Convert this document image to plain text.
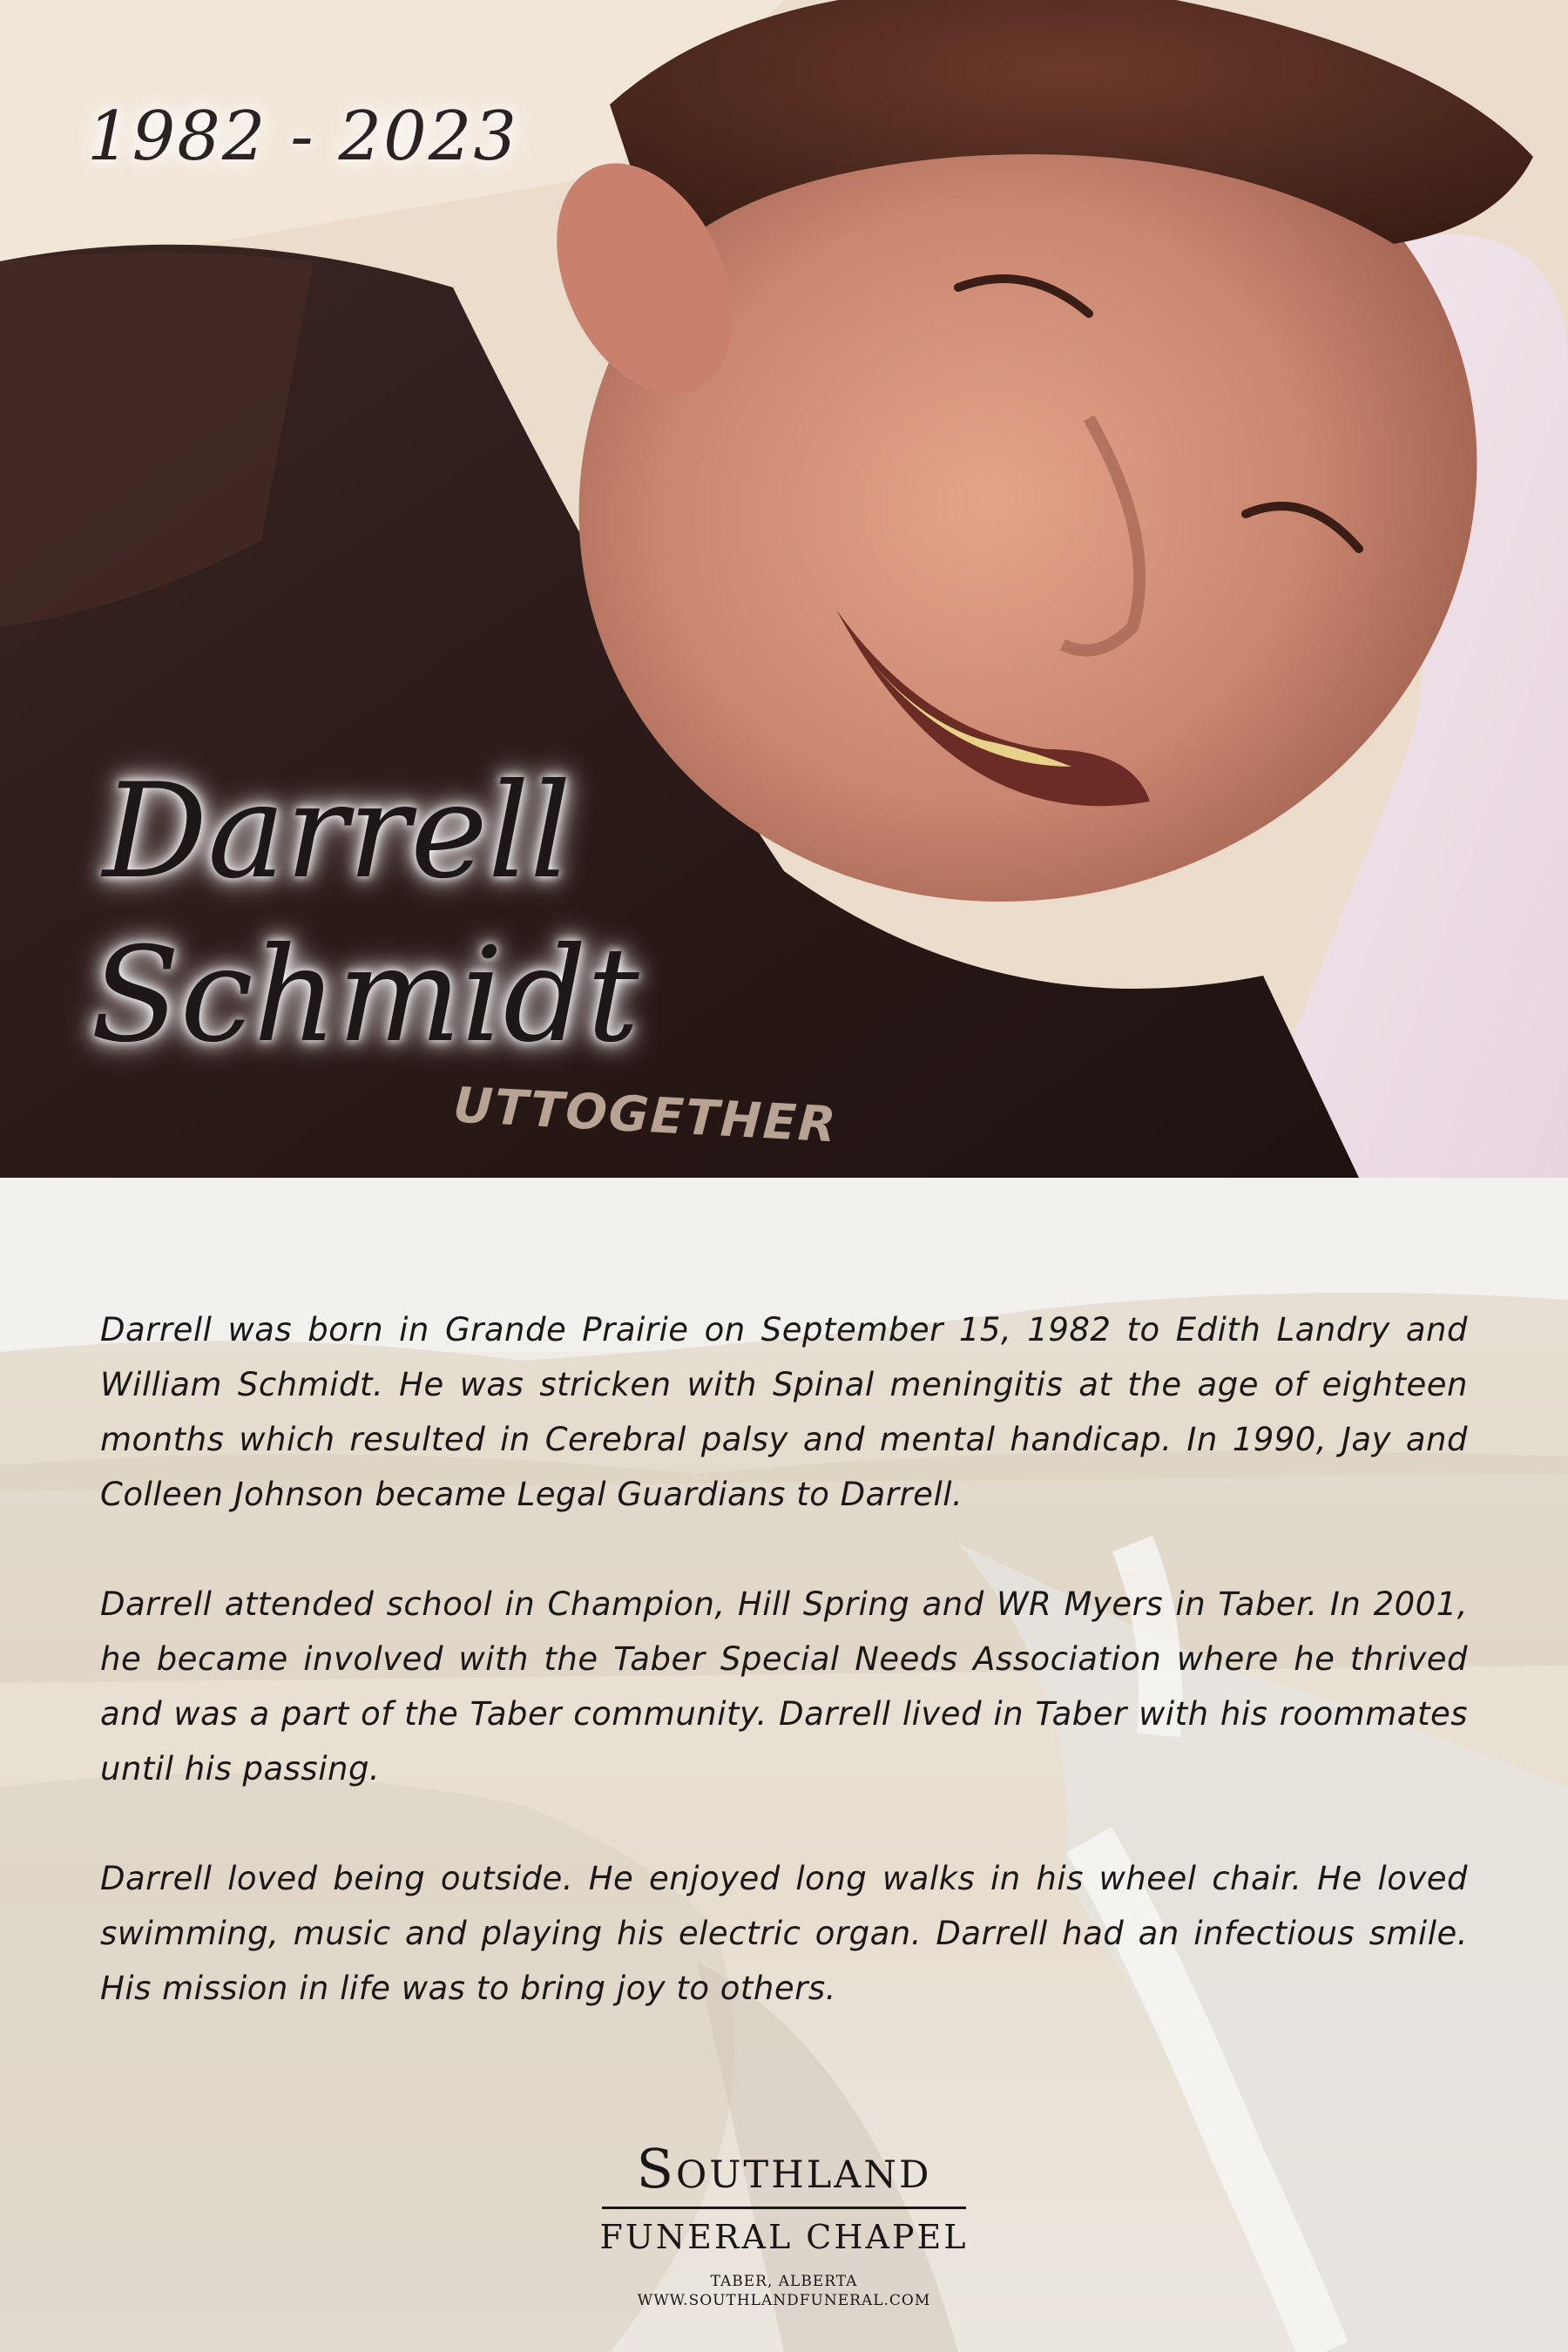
1982 - 2023
Darrell
Schmidt
UTTOGETHER

Darrell was born in Grande Prairie on September 15, 1982 to Edith Landry and William Schmidt. He was stricken with Spinal meningitis at the age of eighteen months which resulted in Cerebral palsy and mental handicap. In 1990, Jay and Colleen Johnson became Legal Guardians to Darrell.

Darrell attended school in Champion, Hill Spring and WR Myers in Taber. In 2001, he became involved with the Taber Special Needs Association where he thrived and was a part of the Taber community. Darrell lived in Taber with his roommates until his passing.

Darrell loved being outside. He enjoyed long walks in his wheel chair. He loved swimming, music and playing his electric organ. Darrell had an infectious smile. His mission in life was to bring joy to others.

Southland
FUNERAL CHAPEL
TABER, ALBERTA
WWW.SOUTHLANDFUNERAL.COM
